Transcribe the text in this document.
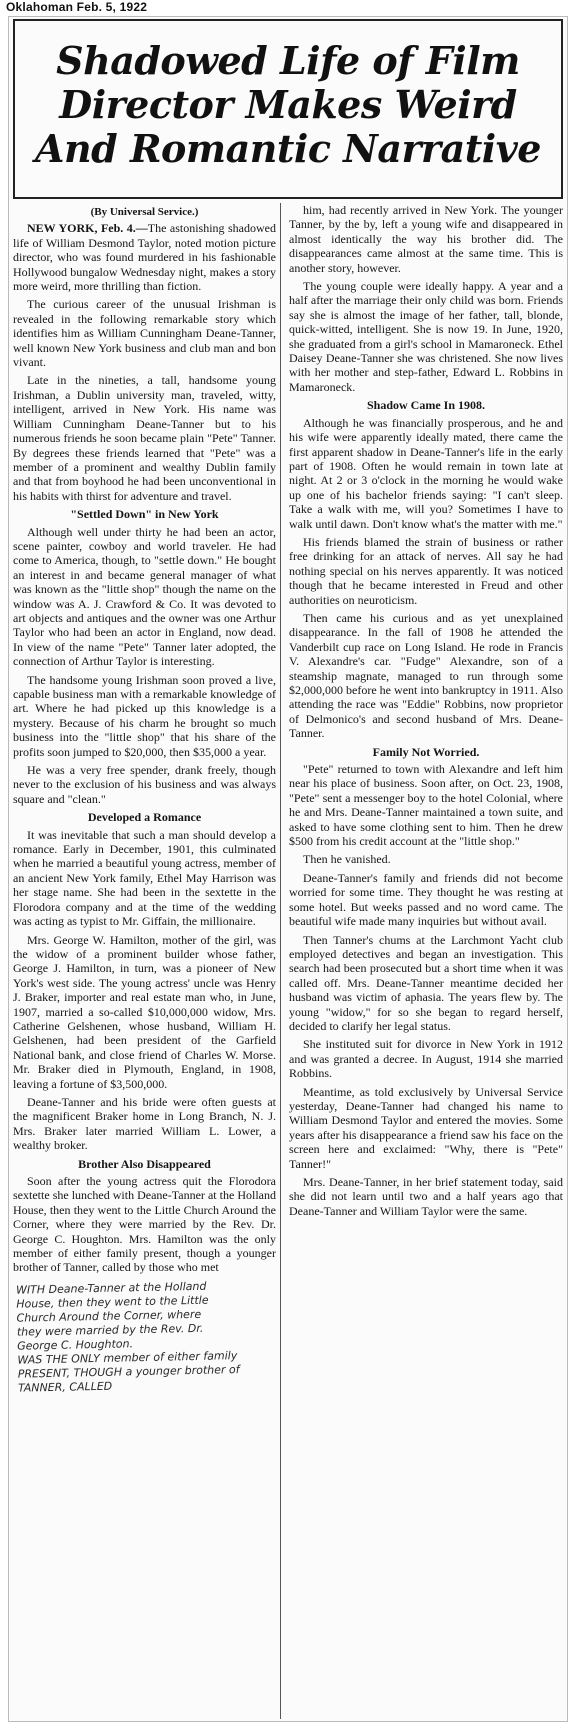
Oklahoman Feb. 5, 1922
Shadowed Life of Film
Director Makes Weird
And Romantic Narrative
(By Universal Service.)

NEW YORK, Feb. 4.—The astonishing shadowed life of William Desmond Taylor, noted motion picture director, who was found murdered in his fashionable Hollywood bungalow Wednesday night, makes a story more weird, more thrilling than fiction.

The curious career of the unusual Irishman is revealed in the following remarkable story which identifies him as William Cunningham Deane-Tanner, well known New York business and club man and bon vivant.

Late in the nineties, a tall, handsome young Irishman, a Dublin university man, traveled, witty, intelligent, arrived in New York. His name was William Cunningham Deane-Tanner but to his numerous friends he soon became plain "Pete" Tanner. By degrees these friends learned that "Pete" was a member of a prominent and wealthy Dublin family and that from boyhood he had been unconventional in his habits with thirst for adventure and travel.

"Settled Down" in New York

Although well under thirty he had been an actor, scene painter, cowboy and world traveler. He had come to America, though, to "settle down." He bought an interest in and became general manager of what was known as the "little shop" though the name on the window was A. J. Crawford & Co. It was devoted to art objects and antiques and the owner was one Arthur Taylor who had been an actor in England, now dead. In view of the name "Pete" Tanner later adopted, the connection of Arthur Taylor is interesting.

The handsome young Irishman soon proved a live, capable business man with a remarkable knowledge of art. Where he had picked up this knowledge is a mystery. Because of his charm he brought so much business into the "little shop" that his share of the profits soon jumped to $20,000, then $35,000 a year.

He was a very free spender, drank freely, though never to the exclusion of his business and was always square and "clean."

Developed a Romance

It was inevitable that such a man should develop a romance. Early in December, 1901, this culminated when he married a beautiful young actress, member of an ancient New York family, Ethel May Harrison was her stage name. She had been in the sextette in the Florodora company and at the time of the wedding was acting as typist to Mr. Giffain, the millionaire.

Mrs. George W. Hamilton, mother of the girl, was the widow of a prominent builder whose father, George J. Hamilton, in turn, was a pioneer of New York's west side. The young actress' uncle was Henry J. Braker, importer and real estate man who, in June, 1907, married a so-called $10,000,000 widow, Mrs. Catherine Gelshenen, whose husband, William H. Gelshenen, had been president of the Garfield National bank, and close friend of Charles W. Morse. Mr. Braker died in Plymouth, England, in 1908, leaving a fortune of $3,500,000.

Deane-Tanner and his bride were often guests at the magnificent Braker home in Long Branch, N. J. Mrs. Braker later married William L. Lower, a wealthy broker.

Brother Also Disappeared

Soon after the young actress quit the Florodora sextette she lunched with Deane-Tanner at the Holland House, then they went to the Little Church Around the Corner, where they were married by the Rev. Dr. George C. Houghton. Mrs. Hamilton was the only member of either family present, though a younger brother of Tanner, called by those who met

WITH Deane-Tanner at the Holland
House, then they went to the Little
Church Around the Corner, where
they were married by the Rev. Dr.
George C. Houghton.
WAS THE ONLY member of either family
PRESENT, THOUGH a younger brother of
TANNER, CALLED

him, had recently arrived in New York. The younger Tanner, by the by, left a young wife and disappeared in almost identically the way his brother did. The disappearances came almost at the same time. This is another story, however.

The young couple were ideally happy. A year and a half after the marriage their only child was born. Friends say she is almost the image of her father, tall, blonde, quick-witted, intelligent. She is now 19. In June, 1920, she graduated from a girl's school in Mamaroneck. Ethel Daisey Deane-Tanner she was christened. She now lives with her mother and step-father, Edward L. Robbins in Mamaroneck.

Shadow Came In 1908.

Although he was financially prosperous, and he and his wife were apparently ideally mated, there came the first apparent shadow in Deane-Tanner's life in the early part of 1908. Often he would remain in town late at night. At 2 or 3 o'clock in the morning he would wake up one of his bachelor friends saying: "I can't sleep. Take a walk with me, will you? Sometimes I have to walk until dawn. Don't know what's the matter with me."

His friends blamed the strain of business or rather free drinking for an attack of nerves. All say he had nothing special on his nerves apparently. It was noticed though that he became interested in Freud and other authorities on neuroticism.

Then came his curious and as yet unexplained disappearance. In the fall of 1908 he attended the Vanderbilt cup race on Long Island. He rode in Francis V. Alexandre's car. "Fudge" Alexandre, son of a steamship magnate, managed to run through some $2,000,000 before he went into bankruptcy in 1911. Also attending the race was "Eddie" Robbins, now proprietor of Delmonico's and second husband of Mrs. Deane-Tanner.

Family Not Worried.

"Pete" returned to town with Alexandre and left him near his place of business. Soon after, on Oct. 23, 1908, "Pete" sent a messenger boy to the hotel Colonial, where he and Mrs. Deane-Tanner maintained a town suite, and asked to have some clothing sent to him. Then he drew $500 from his credit account at the "little shop."

Then he vanished.

Deane-Tanner's family and friends did not become worried for some time. They thought he was resting at some hotel. But weeks passed and no word came. The beautiful wife made many inquiries but without avail.

Then Tanner's chums at the Larchmont Yacht club employed detectives and began an investigation. This search had been prosecuted but a short time when it was called off. Mrs. Deane-Tanner meantime decided her husband was victim of aphasia. The years flew by. The young "widow," for so she began to regard herself, decided to clarify her legal status.

She instituted suit for divorce in New York in 1912 and was granted a decree. In August, 1914 she married Robbins.

Meantime, as told exclusively by Universal Service yesterday, Deane-Tanner had changed his name to William Desmond Taylor and entered the movies. Some years after his disappearance a friend saw his face on the screen here and exclaimed: "Why, there is "Pete" Tanner!"

Mrs. Deane-Tanner, in her brief statement today, said she did not learn until two and a half years ago that Deane-Tanner and William Taylor were the same.
